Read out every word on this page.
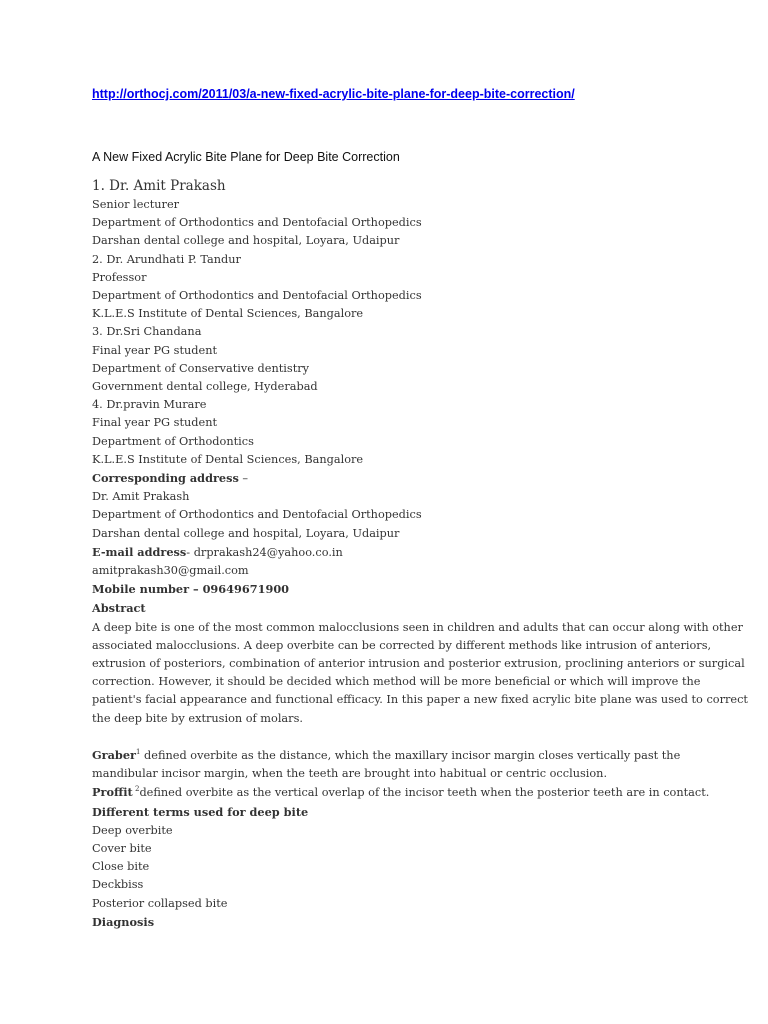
http://orthocj.com/2011/03/a-new-fixed-acrylic-bite-plane-for-deep-bite-correction/
A New Fixed Acrylic Bite Plane for Deep Bite Correction
1. Dr. Amit Prakash
Senior lecturer
Department of Orthodontics and Dentofacial Orthopedics
Darshan dental college and hospital, Loyara, Udaipur
2. Dr. Arundhati P. Tandur
Professor
Department of Orthodontics and Dentofacial Orthopedics
K.L.E.S Institute of Dental Sciences, Bangalore
3. Dr.Sri Chandana
Final year PG student
Department of Conservative dentistry
Government dental college, Hyderabad
4. Dr.pravin Murare
Final year PG student
Department of Orthodontics
K.L.E.S Institute of Dental Sciences, Bangalore
Corresponding address –
Dr. Amit Prakash
Department of Orthodontics and Dentofacial Orthopedics
Darshan dental college and hospital, Loyara, Udaipur
E-mail address- drprakash24@yahoo.co.in
amitprakash30@gmail.com
Mobile number – 09649671900
Abstract
A deep bite is one of the most common malocclusions seen in children and adults that can occur along with other
associated malocclusions. A deep overbite can be corrected by different methods like intrusion of anteriors,
extrusion of posteriors, combination of anterior intrusion and posterior extrusion, proclining anteriors or surgical
correction. However, it should be decided which method will be more beneficial or which will improve the
patient's facial appearance and functional efficacy. In this paper a new fixed acrylic bite plane was used to correct
the deep bite by extrusion of molars.
Graber$^1$ defined overbite as the distance, which the maxillary incisor margin closes vertically past the
mandibular incisor margin, when the teeth are brought into habitual or centric occlusion.
Proffit $^2$defined overbite as the vertical overlap of the incisor teeth when the posterior teeth are in contact.
Different terms used for deep bite
Deep overbite
Cover bite
Close bite
Deckbiss
Posterior collapsed bite
Diagnosis
